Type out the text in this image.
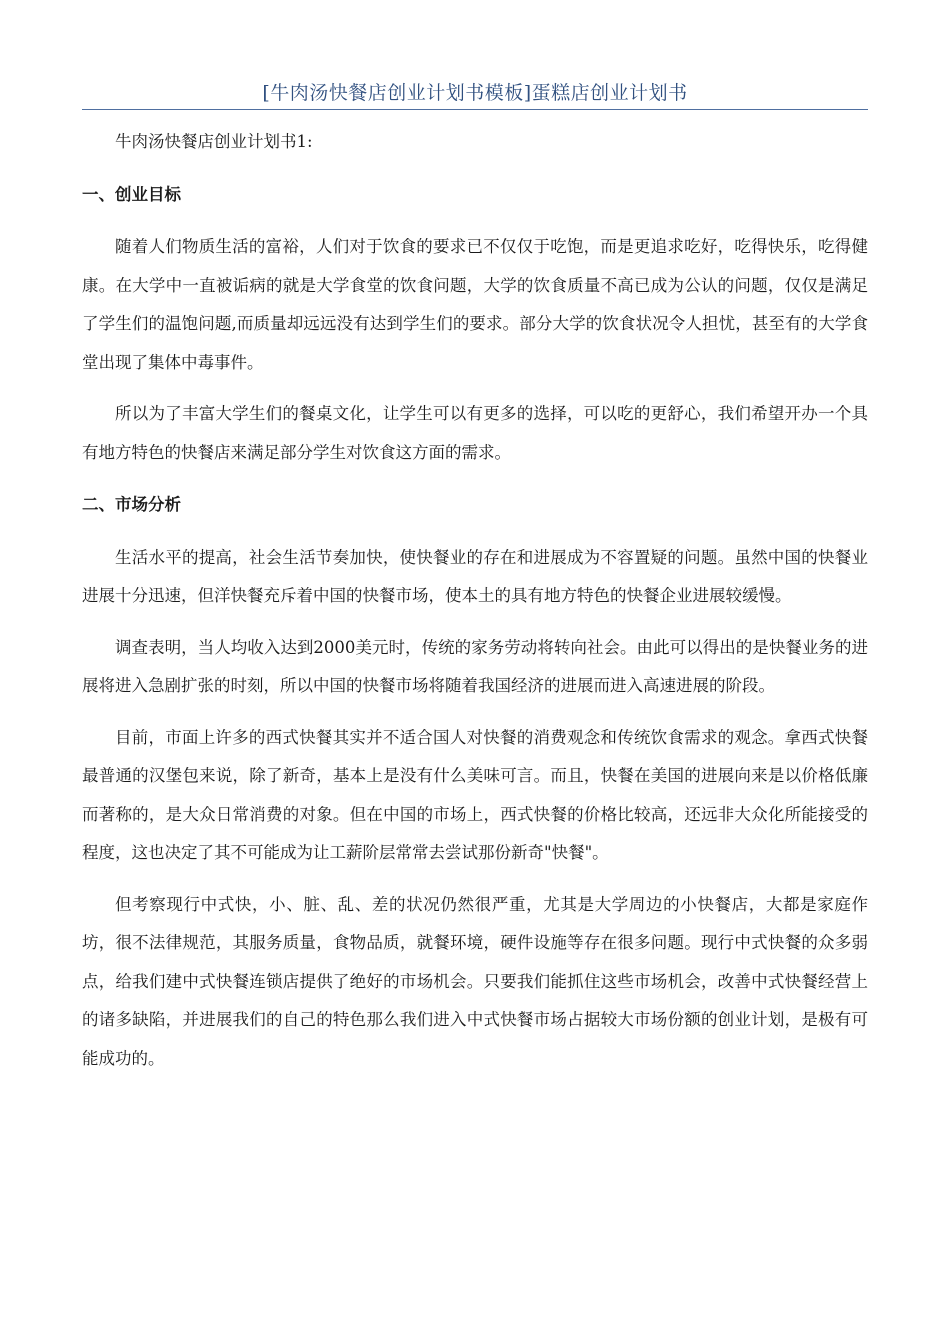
[牛肉汤快餐店创业计划书模板]蛋糕店创业计划书

牛肉汤快餐店创业计划书1:

一、创业目标

随着人们物质生活的富裕，人们对于饮食的要求已不仅仅于吃饱，而是更追求吃好，吃得快乐，吃得健康。在大学中一直被诟病的就是大学食堂的饮食问题，大学的饮食质量不高已成为公认的问题，仅仅是满足了学生们的温饱问题,而质量却远远没有达到学生们的要求。部分大学的饮食状况令人担忧，甚至有的大学食堂出现了集体中毒事件。

所以为了丰富大学生们的餐桌文化，让学生可以有更多的选择，可以吃的更舒心，我们希望开办一个具有地方特色的快餐店来满足部分学生对饮食这方面的需求。

二、市场分析

生活水平的提高，社会生活节奏加快，使快餐业的存在和进展成为不容置疑的问题。虽然中国的快餐业进展十分迅速，但洋快餐充斥着中国的快餐市场，使本土的具有地方特色的快餐企业进展较缓慢。

调查表明，当人均收入达到2000美元时，传统的家务劳动将转向社会。由此可以得出的是快餐业务的进展将进入急剧扩张的时刻，所以中国的快餐市场将随着我国经济的进展而进入高速进展的阶段。

目前，市面上许多的西式快餐其实并不适合国人对快餐的消费观念和传统饮食需求的观念。拿西式快餐最普通的汉堡包来说，除了新奇，基本上是没有什么美味可言。而且，快餐在美国的进展向来是以价格低廉而著称的，是大众日常消费的对象。但在中国的市场上，西式快餐的价格比较高，还远非大众化所能接受的程度，这也决定了其不可能成为让工薪阶层常常去尝试那份新奇"快餐"。

但考察现行中式快，小、脏、乱、差的状况仍然很严重，尤其是大学周边的小快餐店，大都是家庭作坊，很不法律规范，其服务质量，食物品质，就餐环境，硬件设施等存在很多问题。现行中式快餐的众多弱点，给我们建中式快餐连锁店提供了绝好的市场机会。只要我们能抓住这些市场机会，改善中式快餐经营上的诸多缺陷，并进展我们的自己的特色那么我们进入中式快餐市场占据较大市场份额的创业计划，是极有可能成功的。
